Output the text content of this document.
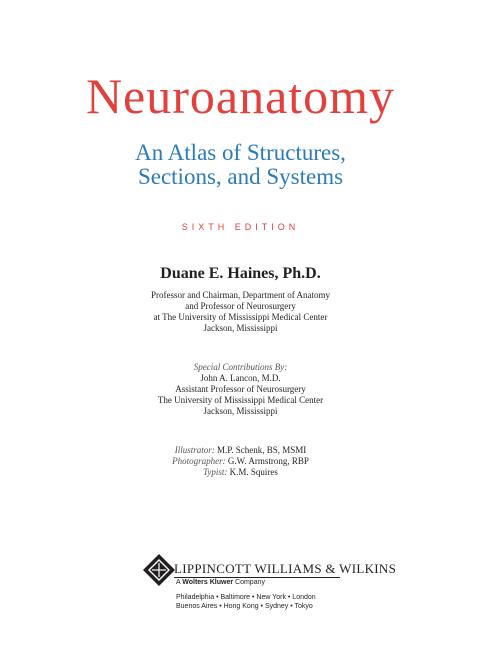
Neuroanatomy
An Atlas of Structures,
Sections, and Systems
SIXTH EDITION
Duane E. Haines, Ph.D.
Professor and Chairman, Department of Anatomy
and Professor of Neurosurgery
at The University of Mississippi Medical Center
Jackson, Mississippi
Special Contributions By:
John A. Lancon, M.D.
Assistant Professor of Neurosurgery
The University of Mississippi Medical Center
Jackson, Mississippi
Illustrator: M.P. Schenk, BS, MSMI
Photographer: G.W. Armstrong, RBP
Typist: K.M. Squires
LIPPINCOTT WILLIAMS & WILKINS
A Wolters Kluwer Company
Philadelphia • Baltimore • New York • London
Buenos Aires • Hong Kong • Sydney • Tokyo
